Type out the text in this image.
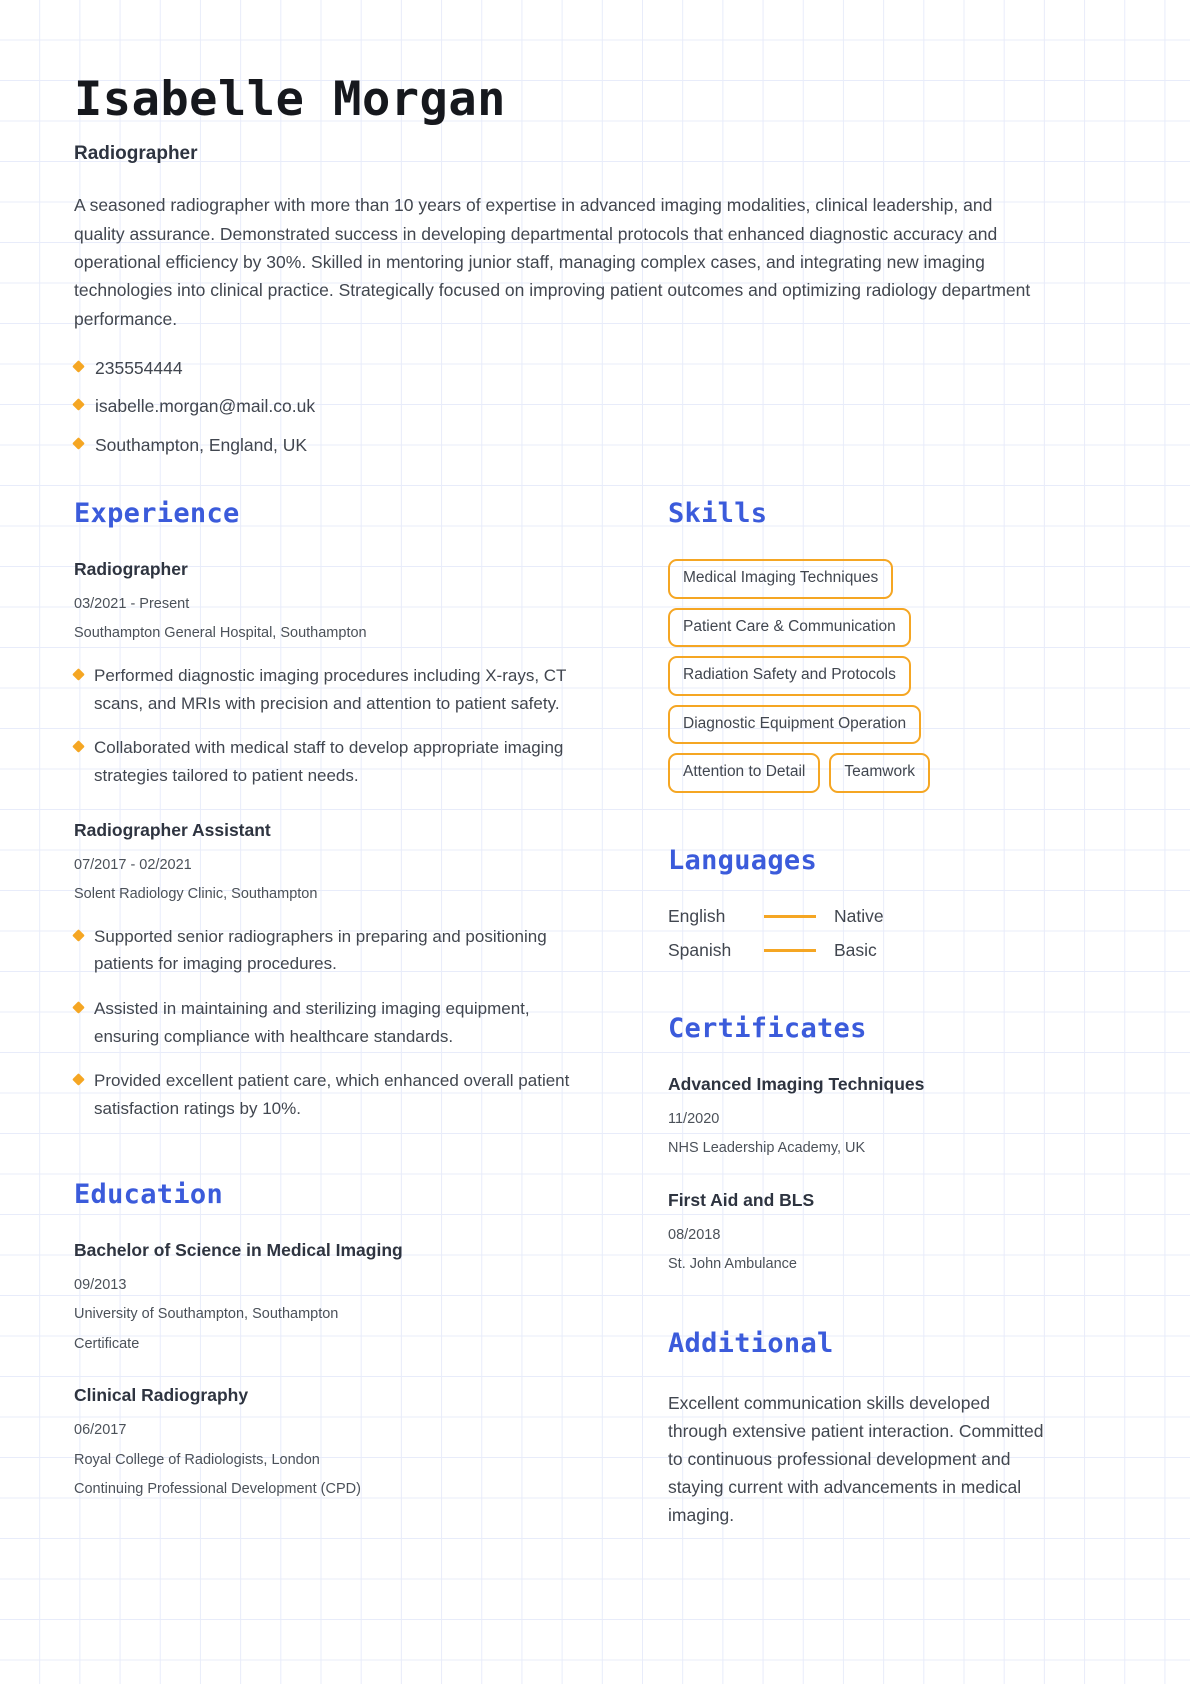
Isabelle Morgan
Radiographer

A seasoned radiographer with more than 10 years of expertise in advanced imaging modalities, clinical leadership, and quality assurance. Demonstrated success in developing departmental protocols that enhanced diagnostic accuracy and operational efficiency by 30%. Skilled in mentoring junior staff, managing complex cases, and integrating new imaging technologies into clinical practice. Strategically focused on improving patient outcomes and optimizing radiology department performance.

235554444
isabelle.morgan@mail.co.uk
Southampton, England, UK
Experience
Radiographer
03/2021 - Present
Southampton General Hospital, Southampton
Performed diagnostic imaging procedures including X-rays, CT scans, and MRIs with precision and attention to patient safety.
Collaborated with medical staff to develop appropriate imaging strategies tailored to patient needs.
Radiographer Assistant
07/2017 - 02/2021
Solent Radiology Clinic, Southampton
Supported senior radiographers in preparing and positioning patients for imaging procedures.
Assisted in maintaining and sterilizing imaging equipment, ensuring compliance with healthcare standards.
Provided excellent patient care, which enhanced overall patient satisfaction ratings by 10%.
Education
Bachelor of Science in Medical Imaging
09/2013
University of Southampton, Southampton
Certificate
Clinical Radiography
06/2017
Royal College of Radiologists, London
Continuing Professional Development (CPD)
Skills
Medical Imaging Techniques
Patient Care & Communication
Radiation Safety and Protocols
Diagnostic Equipment Operation
Attention to Detail	Teamwork
Languages
English	Native
Spanish	Basic
Certificates
Advanced Imaging Techniques
11/2020
NHS Leadership Academy, UK
First Aid and BLS
08/2018
St. John Ambulance
Additional

Excellent communication skills developed through extensive patient interaction. Committed to continuous professional development and staying current with advancements in medical imaging.
